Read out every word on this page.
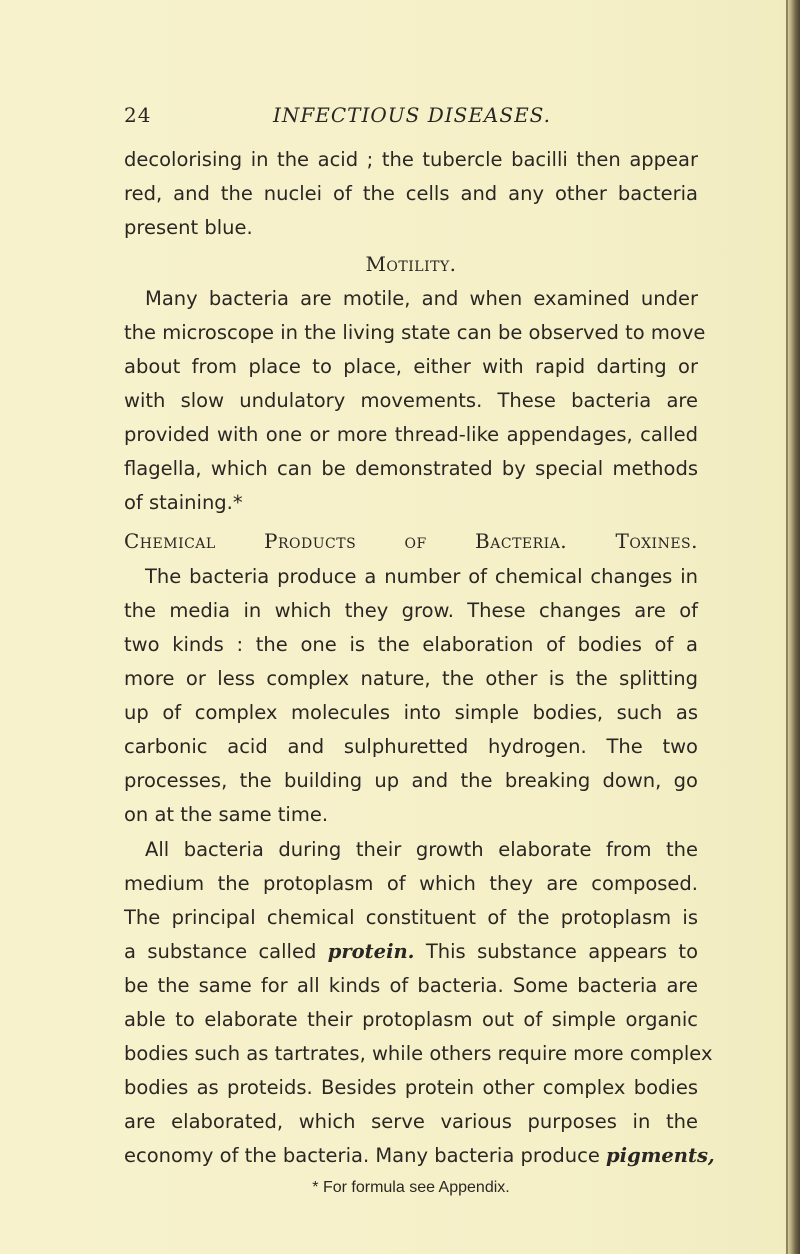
24	INFECTIOUS DISEASES.
decolorising in the acid ; the tubercle bacilli then appear
red, and the nuclei of the cells and any other bacteria
present blue.
Motility.
Many bacteria are motile, and when examined under
the microscope in the living state can be observed to move
about from place to place, either with rapid darting or
with slow undulatory movements. These bacteria are
provided with one or more thread-like appendages, called
flagella, which can be demonstrated by special methods
of staining.*
Chemical Products of Bacteria. Toxines.
The bacteria produce a number of chemical changes in
the media in which they grow. These changes are of
two kinds : the one is the elaboration of bodies of a
more or less complex nature, the other is the splitting
up of complex molecules into simple bodies, such as
carbonic acid and sulphuretted hydrogen. The two
processes, the building up and the breaking down, go
on at the same time.
All bacteria during their growth elaborate from the
medium the protoplasm of which they are composed.
The principal chemical constituent of the protoplasm is
a substance called protein. This substance appears to
be the same for all kinds of bacteria. Some bacteria are
able to elaborate their protoplasm out of simple organic
bodies such as tartrates, while others require more complex
bodies as proteids. Besides protein other complex bodies
are elaborated, which serve various purposes in the
economy of the bacteria. Many bacteria produce pigments,
* For formula see Appendix.
